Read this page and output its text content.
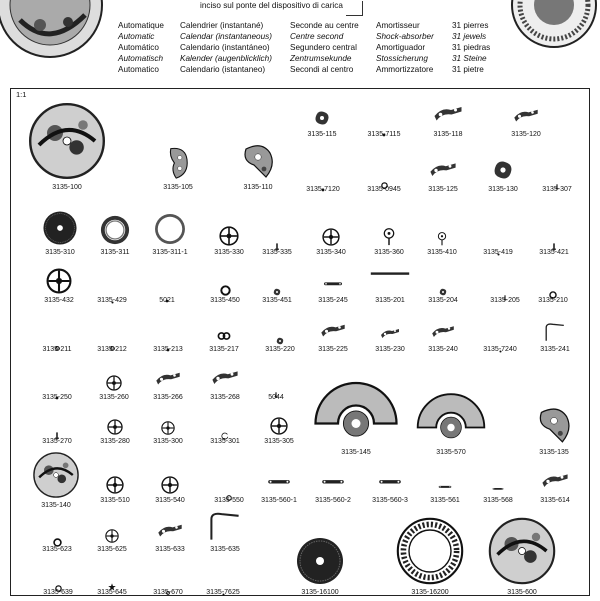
inciso sul ponte del dispositivo di carica
Automatique
Automatic
Automático
Automatisch
Automatico
Calendrier (instantané)
Calendar (instantaneous)
Calendario (instantáneo)
Kalender (augenblicklich)
Calendario (istantaneo)
Seconde au centre
Centre second
Segundero central
Zentrumsekunde
Secondi al centro
Amortisseur
Shock-absorber
Amortiguador
Stossicherung
Ammortizzatore
31 pierres
31 jewels
31 piedras
31 Steine
31 pietre
1:1
3135-100	3135-105	3135-110
3135-115	3135-7115	3135-118	3135-120
3135-7120	3135-0945	3135-125	3135-130	3135-307
3135-310	3135-311	3135-311-1	3135-330	3135-335	3135-340	3135-360	3135-410	3135-419	3135-421
3135-432	3135-429	5021	3135-450	3135-451	3135-245	3135-201	3135-204	3135-205	3135-210
3135-211	3135-212	3135-213	3135-217	3135-220	3135-225	3135-230	3135-240	3135-7240	3135-241
3135-250	3135-260	3135-266	3135-268	5044
3135-270	3135-280	3135-300	3135-301	3135-305
3135-145	3135-570	3135-135
3135-140
3135-510	3135-540	3135-550 3135-560-1	3135-560-2	3135-560-3	3135-561	3135-568	3135-614
3135-623	3135-625	3135-633	3135-635
3135-639	3135-645	3135-670	3135-7625	3135-16100	3135-16200	3135-600
